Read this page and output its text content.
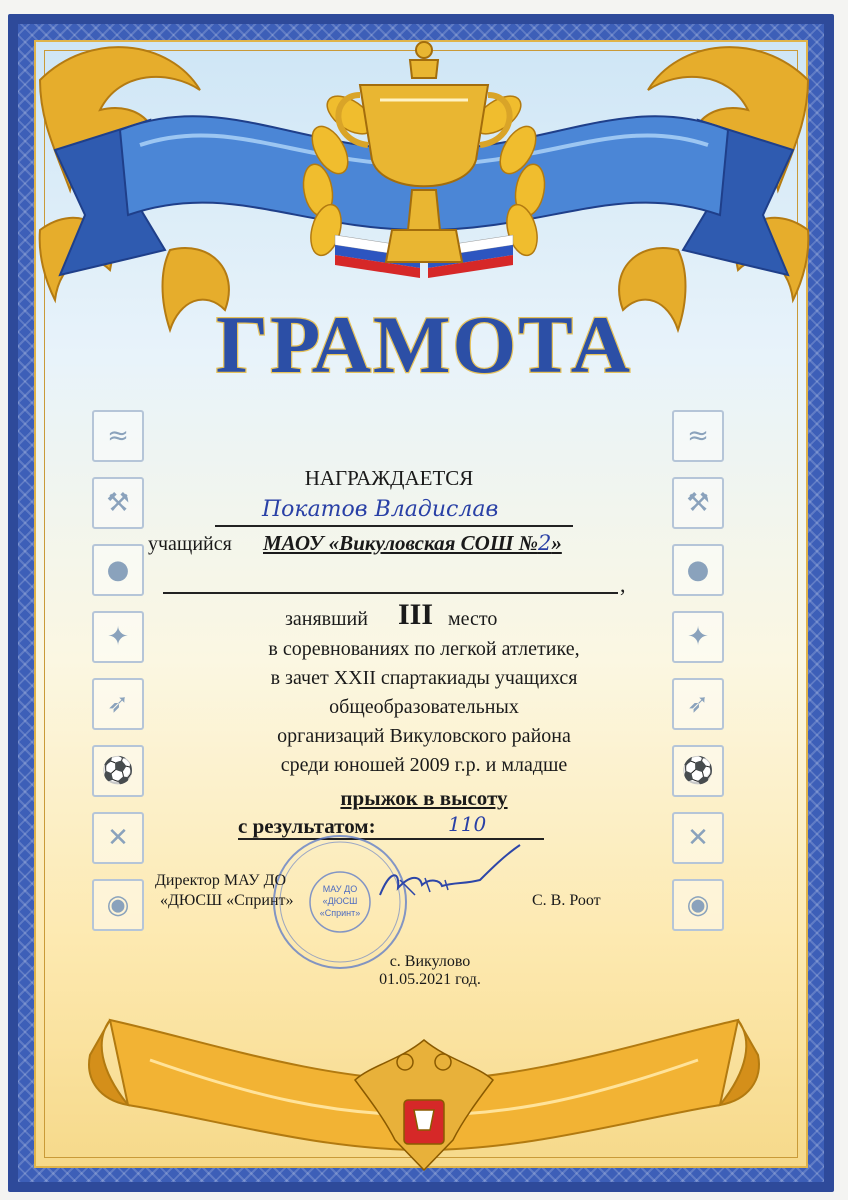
ГРАМОТА
≈
⚒
●
✦
➶
⚽
✕
◉
≈
⚒
●
✦
➶
⚽
✕
◉
НАГРАЖДАЕТСЯ
Покатов Владислав
учащийся МАОУ «Викуловская СОШ №2»
,
занявший III место
в соревнованиях по легкой атлетике,
в зачет XXII спартакиады учащихся
общеобразовательных
организаций Викуловского района
среди юношей 2009 г.р. и младше
прыжок в высоту
с результатом:	110
МАУ ДО
«ДЮСШ
«Спринт»
Директор МАУ ДО
«ДЮСШ «Спринт»	С. В. Роот
с. Викулово
01.05.2021 год.
